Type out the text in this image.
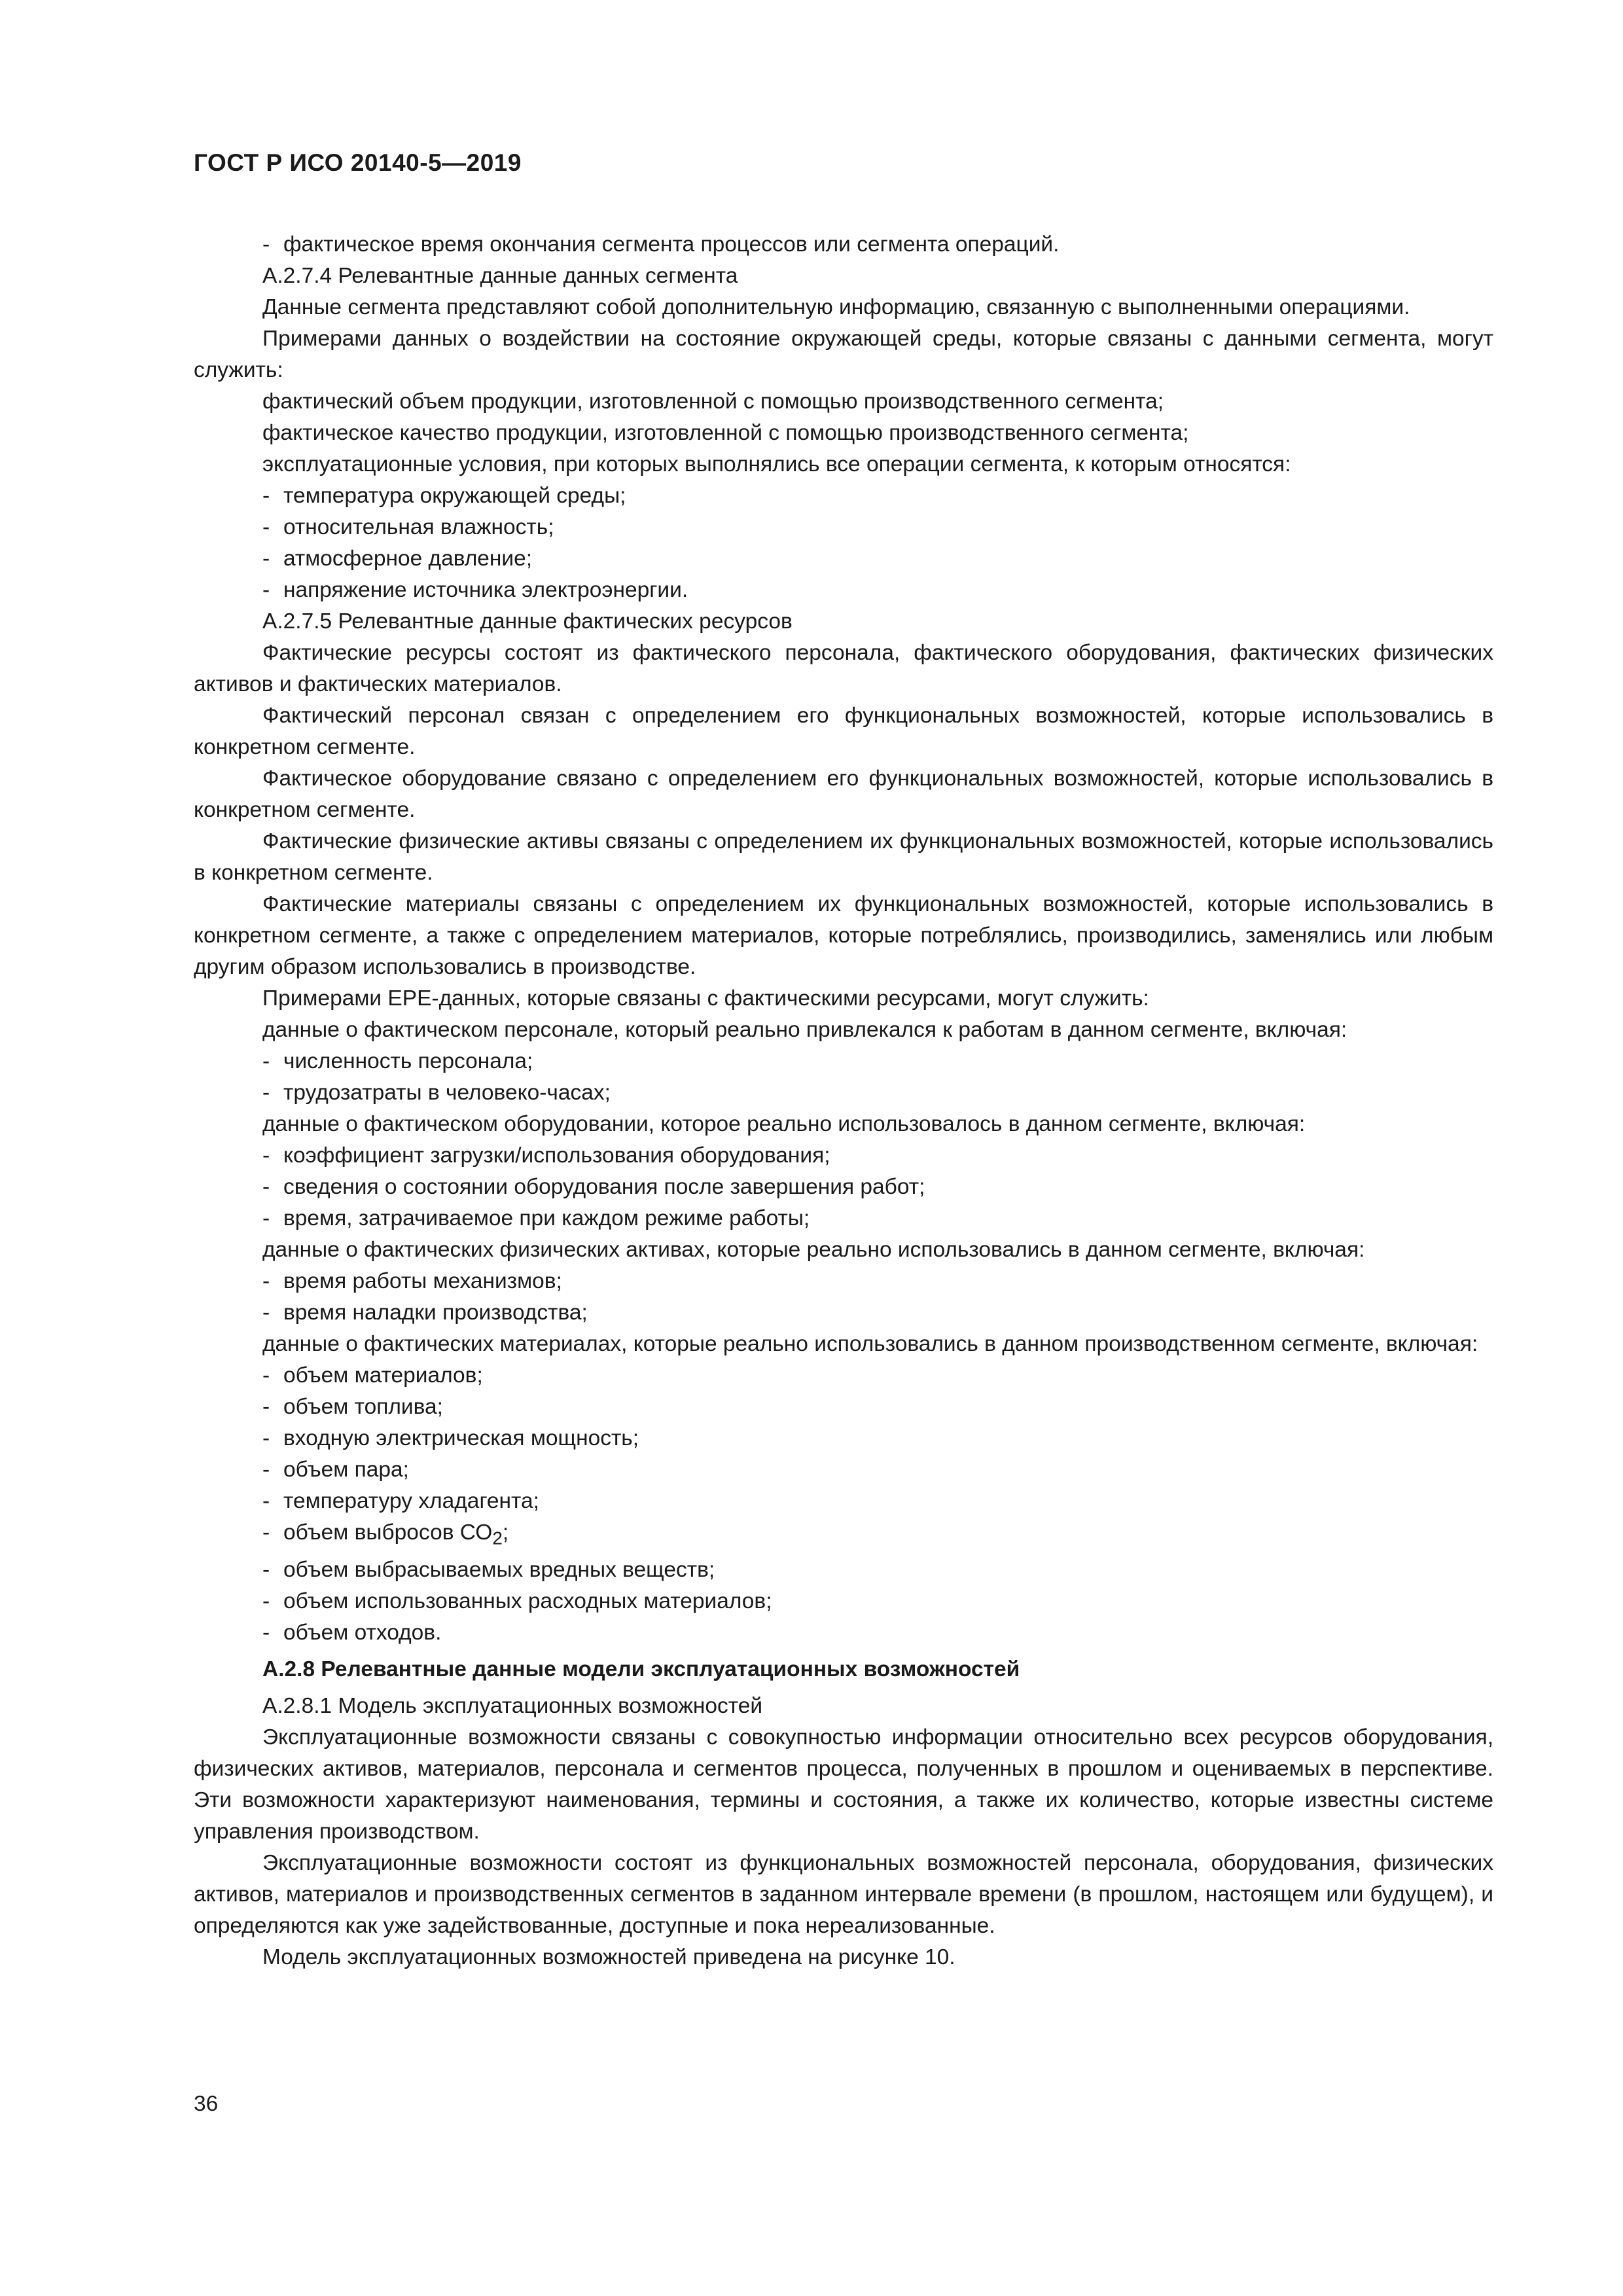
ГОСТ Р ИСО 20140-5—2019

- фактическое время окончания сегмента процессов или сегмента операций.

А.2.7.4 Релевантные данные данных сегмента

Данные сегмента представляют собой дополнительную информацию, связанную с выполненными операциями.

Примерами данных о воздействии на состояние окружающей среды, которые связаны с данными сегмента, могут служить:

фактический объем продукции, изготовленной с помощью производственного сегмента;

фактическое качество продукции, изготовленной с помощью производственного сегмента;

эксплуатационные условия, при которых выполнялись все операции сегмента, к которым относятся:

- температура окружающей среды;

- относительная влажность;

- атмосферное давление;

- напряжение источника электроэнергии.

А.2.7.5 Релевантные данные фактических ресурсов

Фактические ресурсы состоят из фактического персонала, фактического оборудования, фактических физических активов и фактических материалов.

Фактический персонал связан с определением его функциональных возможностей, которые использовались в конкретном сегменте.

Фактическое оборудование связано с определением его функциональных возможностей, которые использовались в конкретном сегменте.

Фактические физические активы связаны с определением их функциональных возможностей, которые использовались в конкретном сегменте.

Фактические материалы связаны с определением их функциональных возможностей, которые использовались в конкретном сегменте, а также с определением материалов, которые потреблялись, производились, заменялись или любым другим образом использовались в производстве.

Примерами ЕРЕ-данных, которые связаны с фактическими ресурсами, могут служить:

данные о фактическом персонале, который реально привлекался к работам в данном сегменте, включая:

- численность персонала;

- трудозатраты в человеко-часах;

данные о фактическом оборудовании, которое реально использовалось в данном сегменте, включая:

- коэффициент загрузки/использования оборудования;

- сведения о состоянии оборудования после завершения работ;

- время, затрачиваемое при каждом режиме работы;

данные о фактических физических активах, которые реально использовались в данном сегменте, включая:

- время работы механизмов;

- время наладки производства;

данные о фактических материалах, которые реально использовались в данном производственном сегменте, включая:

- объем материалов;

- объем топлива;

- входную электрическая мощность;

- объем пара;

- температуру хладагента;

- объем выбросов $СО_2$;

- объем выбрасываемых вредных веществ;

- объем использованных расходных материалов;

- объем отходов.

А.2.8 Релевантные данные модели эксплуатационных возможностей

А.2.8.1 Модель эксплуатационных возможностей

Эксплуатационные возможности связаны с совокупностью информации относительно всех ресурсов оборудования, физических активов, материалов, персонала и сегментов процесса, полученных в прошлом и оцениваемых в перспективе. Эти возможности характеризуют наименования, термины и состояния, а также их количество, которые известны системе управления производством.

Эксплуатационные возможности состоят из функциональных возможностей персонала, оборудования, физических активов, материалов и производственных сегментов в заданном интервале времени (в прошлом, настоящем или будущем), и определяются как уже задействованные, доступные и пока нереализованные.

Модель эксплуатационных возможностей приведена на рисунке 10.

36
